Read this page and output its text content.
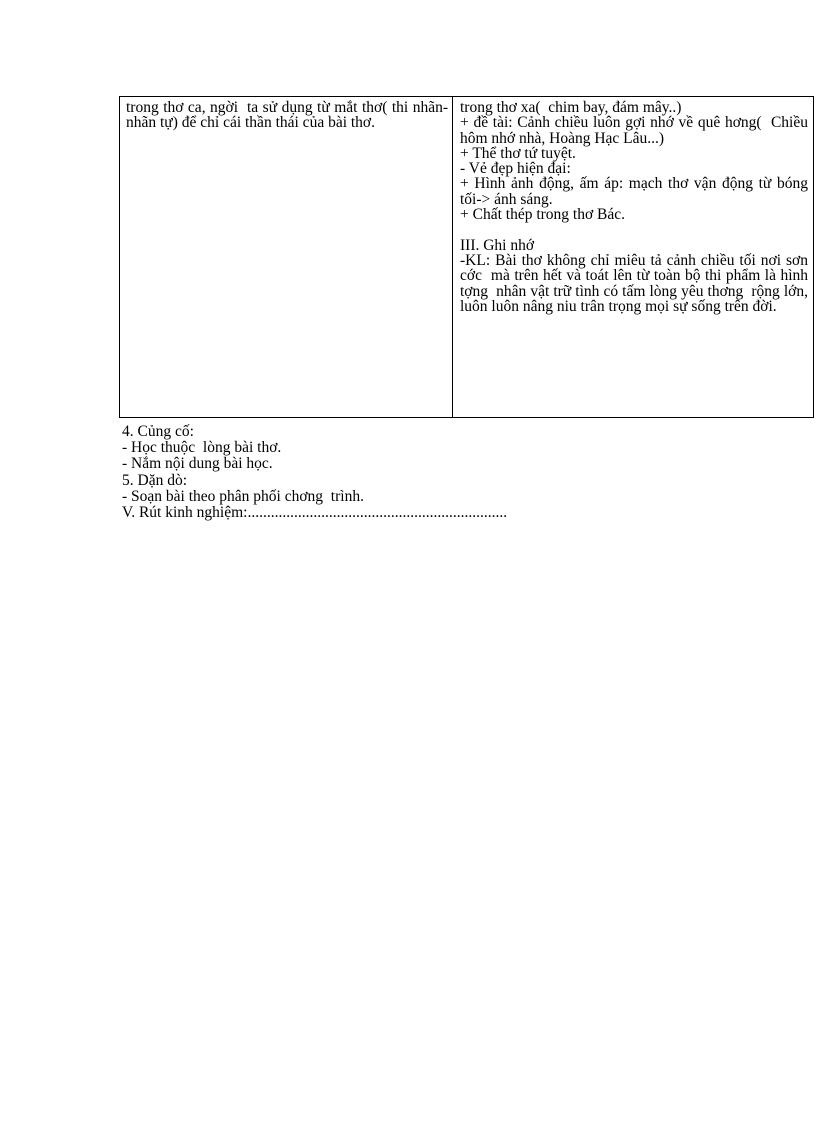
trong thơ ca, ngời  ta sử dụng từ mắt thơ( thi nhãn- nhãn tự) để chỉ cái thần thái của bài thơ.
trong thơ xa(  chim bay, đám mây..)
+ đề tài: Cảnh chiều luôn gợi nhớ về quê hơng(  Chiều hôm nhớ nhà, Hoàng Hạc Lâu...)
+ Thể thơ tứ tuyệt.
- Vẻ đẹp hiện đại:
+ Hình ảnh động, ấm áp: mạch thơ vận động từ bóng tối-> ánh sáng.
+ Chất thép trong thơ Bác.
III. Ghi nhớ
-KL: Bài thơ không chỉ miêu tả cảnh chiều tối nơi sơn cớc  mà trên hết và toát lên từ toàn bộ thi phẩm là hình tợng  nhân vật trữ tình có tấm lòng yêu thơng  rộng lớn, luôn luôn nâng niu trân trọng mọi sự sống trên đời.
4. Củng cố:
- Học thuộc  lòng bài thơ.
- Nắm nội dung bài học.
5. Dặn dò:
- Soạn bài theo phân phối chơng  trình.
V. Rút kinh nghiệm:...................................................................
